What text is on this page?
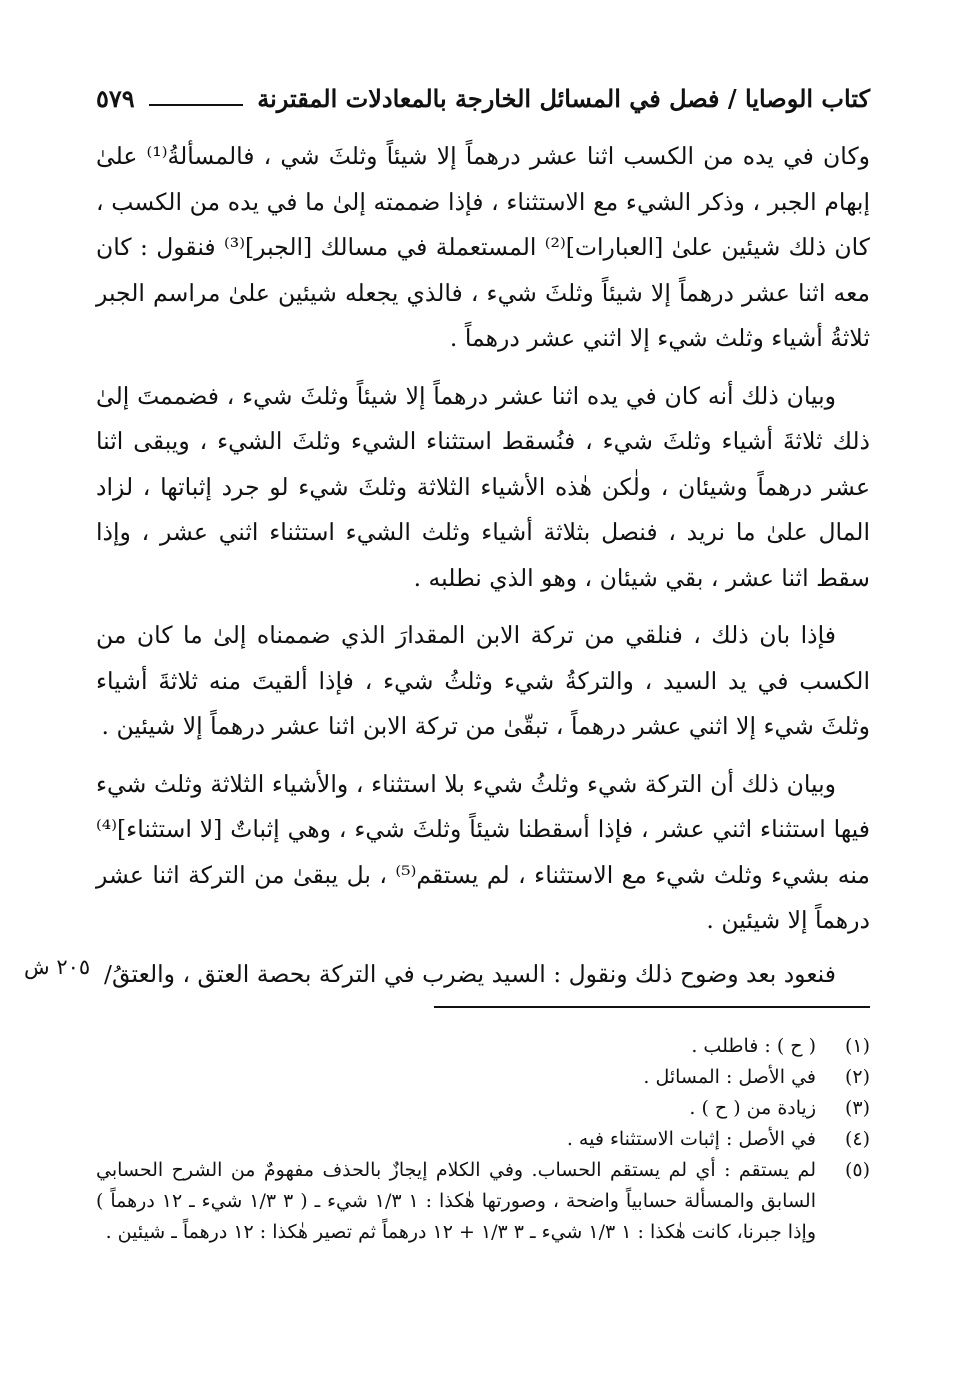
كتاب الوصايا / فصل في المسائل الخارجة بالمعادلات المقترنة
٥٧٩

وكان في يده من الكسب اثنا عشر درهماً إلا شيئاً وثلثَ شي ، فالمسألةُ⁽¹⁾ علىٰ إبهام الجبر ، وذكر الشيء مع الاستثناء ، فإذا ضممته إلىٰ ما في يده من الكسب ، كان ذلك شيئين علىٰ [العبارات]⁽²⁾ المستعملة في مسالك [الجبر]⁽³⁾ فنقول : كان معه اثنا عشر درهماً إلا شيئاً وثلثَ شيء ، فالذي يجعله شيئين علىٰ مراسم الجبر ثلاثةُ أشياء وثلث شيء إلا اثني عشر درهماً .

وبيان ذلك أنه كان في يده اثنا عشر درهماً إلا شيئاً وثلثَ شيء ، فضممتَ إلىٰ ذلك ثلاثةَ أشياء وثلثَ شيء ، فنُسقط استثناء الشيء وثلثَ الشيء ، ويبقى اثنا عشر درهماً وشيئان ، ولٰكن هٰذه الأشياء الثلاثة وثلثَ شيء لو جرد إثباتها ، لزاد المال علىٰ ما نريد ، فنصل بثلاثة أشياء وثلث الشيء استثناء اثني عشر ، وإذا سقط اثنا عشر ، بقي شيئان ، وهو الذي نطلبه .

فإذا بان ذلك ، فنلقي من تركة الابن المقدارَ الذي ضممناه إلىٰ ما كان من الكسب في يد السيد ، والتركةُ شيء وثلثُ شيء ، فإذا ألقيتَ منه ثلاثةَ أشياء وثلثَ شيء إلا اثني عشر درهماً ، تبقّىٰ من تركة الابن اثنا عشر درهماً إلا شيئين .

وبيان ذلك أن التركة شيء وثلثُ شيء بلا استثناء ، والأشياء الثلاثة وثلث شيء فيها استثناء اثني عشر ، فإذا أسقطنا شيئاً وثلثَ شيء ، وهي إثباتٌ [لا استثناء]⁽⁴⁾ منه بشيء وثلث شيء مع الاستثناء ، لم يستقم⁽⁵⁾ ، بل يبقىٰ من التركة اثنا عشر درهماً إلا شيئين .

فنعود بعد وضوح ذلك ونقول : السيد يضرب في التركة بحصة العتق ، والعتقُ/
٢٠٥ ش
(١)
( ح ) : فاطلب .
(٢)
في الأصل : المسائل .
(٣)
زيادة من ( ح ) .
(٤)
في الأصل : إثبات الاستثناء فيه .
(٥)
لم يستقم : أي لم يستقم الحساب. وفي الكلام إيجازٌ بالحذف مفهومٌ من الشرح الحسابي السابق والمسألة حسابياً واضحة ، وصورتها هٰكذا : ١ ١/٣ شيء ـ ( ٣ ١/٣ شيء ـ ١٢ درهماً ) وإذا جبرنا، كانت هٰكذا : ١ ١/٣ شيء ـ ٣ ١/٣ + ١٢ درهماً ثم تصير هٰكذا : ١٢ درهماً ـ شيئين .
